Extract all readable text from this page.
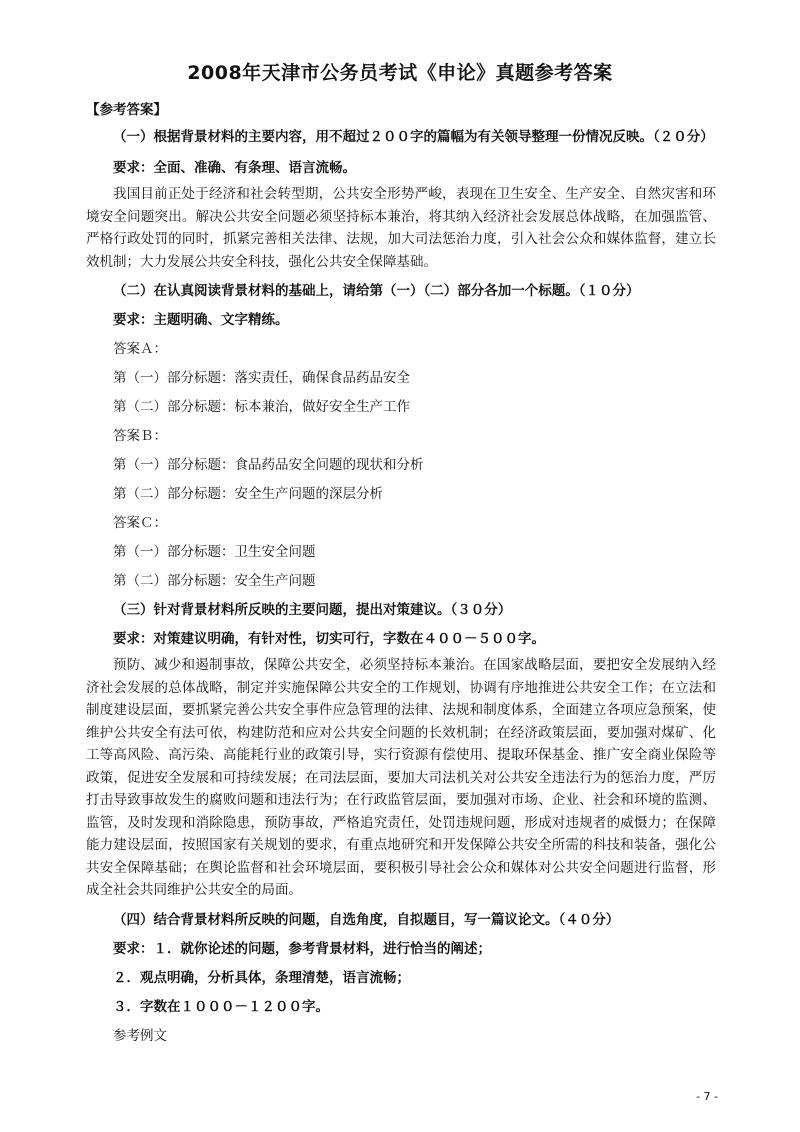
2008年天津市公务员考试《申论》真题参考答案
【参考答案】
（一）根据背景材料的主要内容，用不超过２００字的篇幅为有关领导整理一份情况反映。（２０分）
要求：全面、准确、有条理、语言流畅。

我国目前正处于经济和社会转型期，公共安全形势严峻，表现在卫生安全、生产安全、自然灾害和环境安全问题突出。解决公共安全问题必须坚持标本兼治，将其纳入经济社会发展总体战略，在加强监管、严格行政处罚的同时，抓紧完善相关法律、法规，加大司法惩治力度，引入社会公众和媒体监督，建立长效机制；大力发展公共安全科技，强化公共安全保障基础。

（二）在认真阅读背景材料的基础上，请给第（一）（二）部分各加一个标题。（１０分）
要求：主题明确、文字精练。
答案Ａ：
第（一）部分标题：落实责任，确保食品药品安全
第（二）部分标题：标本兼治，做好安全生产工作
答案Ｂ：
第（一）部分标题：食品药品安全问题的现状和分析
第（二）部分标题：安全生产问题的深层分析
答案Ｃ：
第（一）部分标题：卫生安全问题
第（二）部分标题：安全生产问题
（三）针对背景材料所反映的主要问题，提出对策建议。（３０分）
要求：对策建议明确，有针对性，切实可行，字数在４００－５００字。

预防、减少和遏制事故，保障公共安全，必须坚持标本兼治。在国家战略层面，要把安全发展纳入经济社会发展的总体战略，制定并实施保障公共安全的工作规划，协调有序地推进公共安全工作；在立法和制度建设层面，要抓紧完善公共安全事件应急管理的法律、法规和制度体系，全面建立各项应急预案，使维护公共安全有法可依，构建防范和应对公共安全问题的长效机制；在经济政策层面，要加强对煤矿、化工等高风险、高污染、高能耗行业的政策引导，实行资源有偿使用、提取环保基金、推广安全商业保险等政策，促进安全发展和可持续发展；在司法层面，要加大司法机关对公共安全违法行为的惩治力度，严厉打击导致事故发生的腐败问题和违法行为；在行政监管层面，要加强对市场、企业、社会和环境的监测、监管，及时发现和消除隐患，预防事故，严格追究责任，处罚违规问题，形成对违规者的威慑力；在保障能力建设层面，按照国家有关规划的要求，有重点地研究和开发保障公共安全所需的科技和装备，强化公共安全保障基础；在舆论监督和社会环境层面，要积极引导社会公众和媒体对公共安全问题进行监督，形成全社会共同维护公共安全的局面。

（四）结合背景材料所反映的问题，自选角度，自拟题目，写一篇议论文。（４０分）
要求：１．就你论述的问题，参考背景材料，进行恰当的阐述；
２．观点明确，分析具体，条理清楚，语言流畅；
３．字数在１０００－１２００字。
参考例文
- 7 -
